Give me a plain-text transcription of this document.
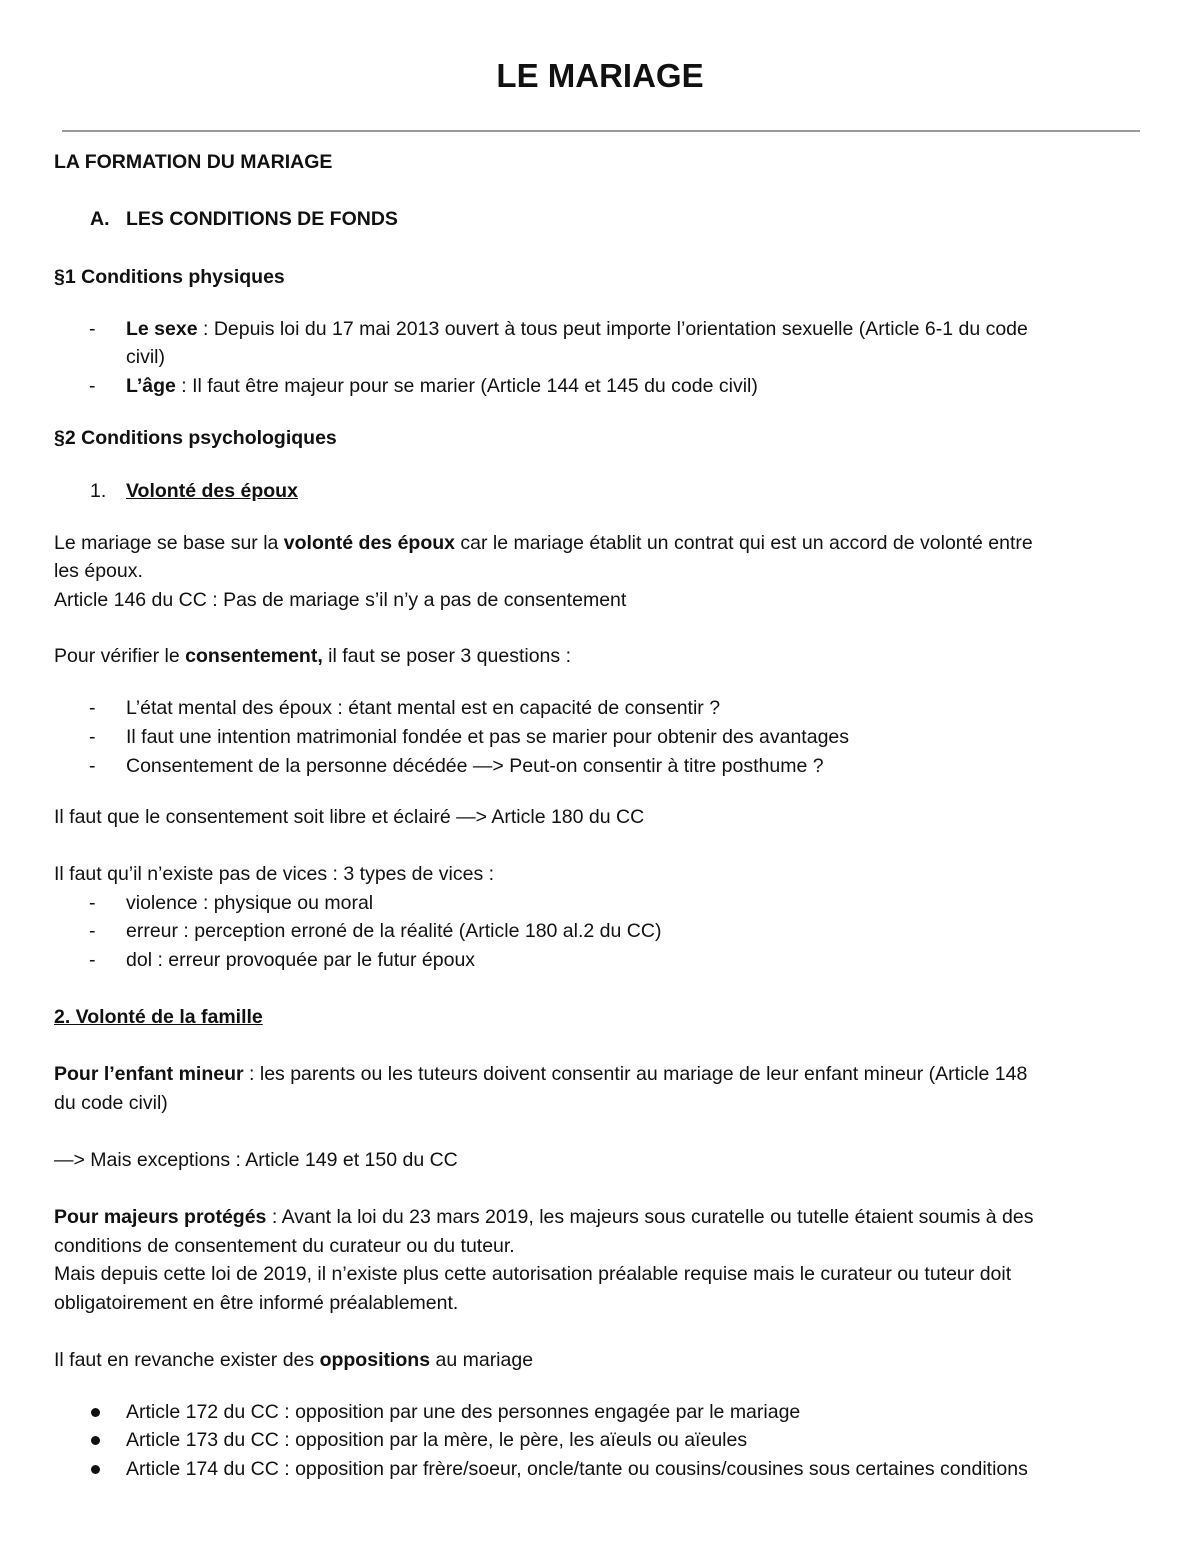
LE MARIAGE
LA FORMATION DU MARIAGE
A. LES CONDITIONS DE FONDS
§1 Conditions physiques
- Le sexe : Depuis loi du 17 mai 2013 ouvert à tous peut importe l’orientation sexuelle (Article 6-1 du code
civil)
- L’âge : Il faut être majeur pour se marier (Article 144 et 145 du code civil)
§2 Conditions psychologiques
1. Volonté des époux
Le mariage se base sur la volonté des époux car le mariage établit un contrat qui est un accord de volonté entre
les époux.
Article 146 du CC : Pas de mariage s’il n’y a pas de consentement
Pour vérifier le consentement, il faut se poser 3 questions :
- L’état mental des époux : étant mental est en capacité de consentir ?
- Il faut une intention matrimonial fondée et pas se marier pour obtenir des avantages
- Consentement de la personne décédée —> Peut-on consentir à titre posthume ?
Il faut que le consentement soit libre et éclairé —> Article 180 du CC
Il faut qu’il n’existe pas de vices : 3 types de vices :
- violence : physique ou moral
- erreur : perception erroné de la réalité (Article 180 al.2 du CC)
- dol : erreur provoquée par le futur époux
2. Volonté de la famille
Pour l’enfant mineur : les parents ou les tuteurs doivent consentir au mariage de leur enfant mineur (Article 148
du code civil)
—> Mais exceptions : Article 149 et 150 du CC
Pour majeurs protégés : Avant la loi du 23 mars 2019, les majeurs sous curatelle ou tutelle étaient soumis à des
conditions de consentement du curateur ou du tuteur.
Mais depuis cette loi de 2019, il n’existe plus cette autorisation préalable requise mais le curateur ou tuteur doit
obligatoirement en être informé préalablement.
Il faut en revanche exister des oppositions au mariage
Article 172 du CC : opposition par une des personnes engagée par le mariage
Article 173 du CC : opposition par la mère, le père, les aïeuls ou aïeules
Article 174 du CC : opposition par frère/soeur, oncle/tante ou cousins/cousines sous certaines conditions
